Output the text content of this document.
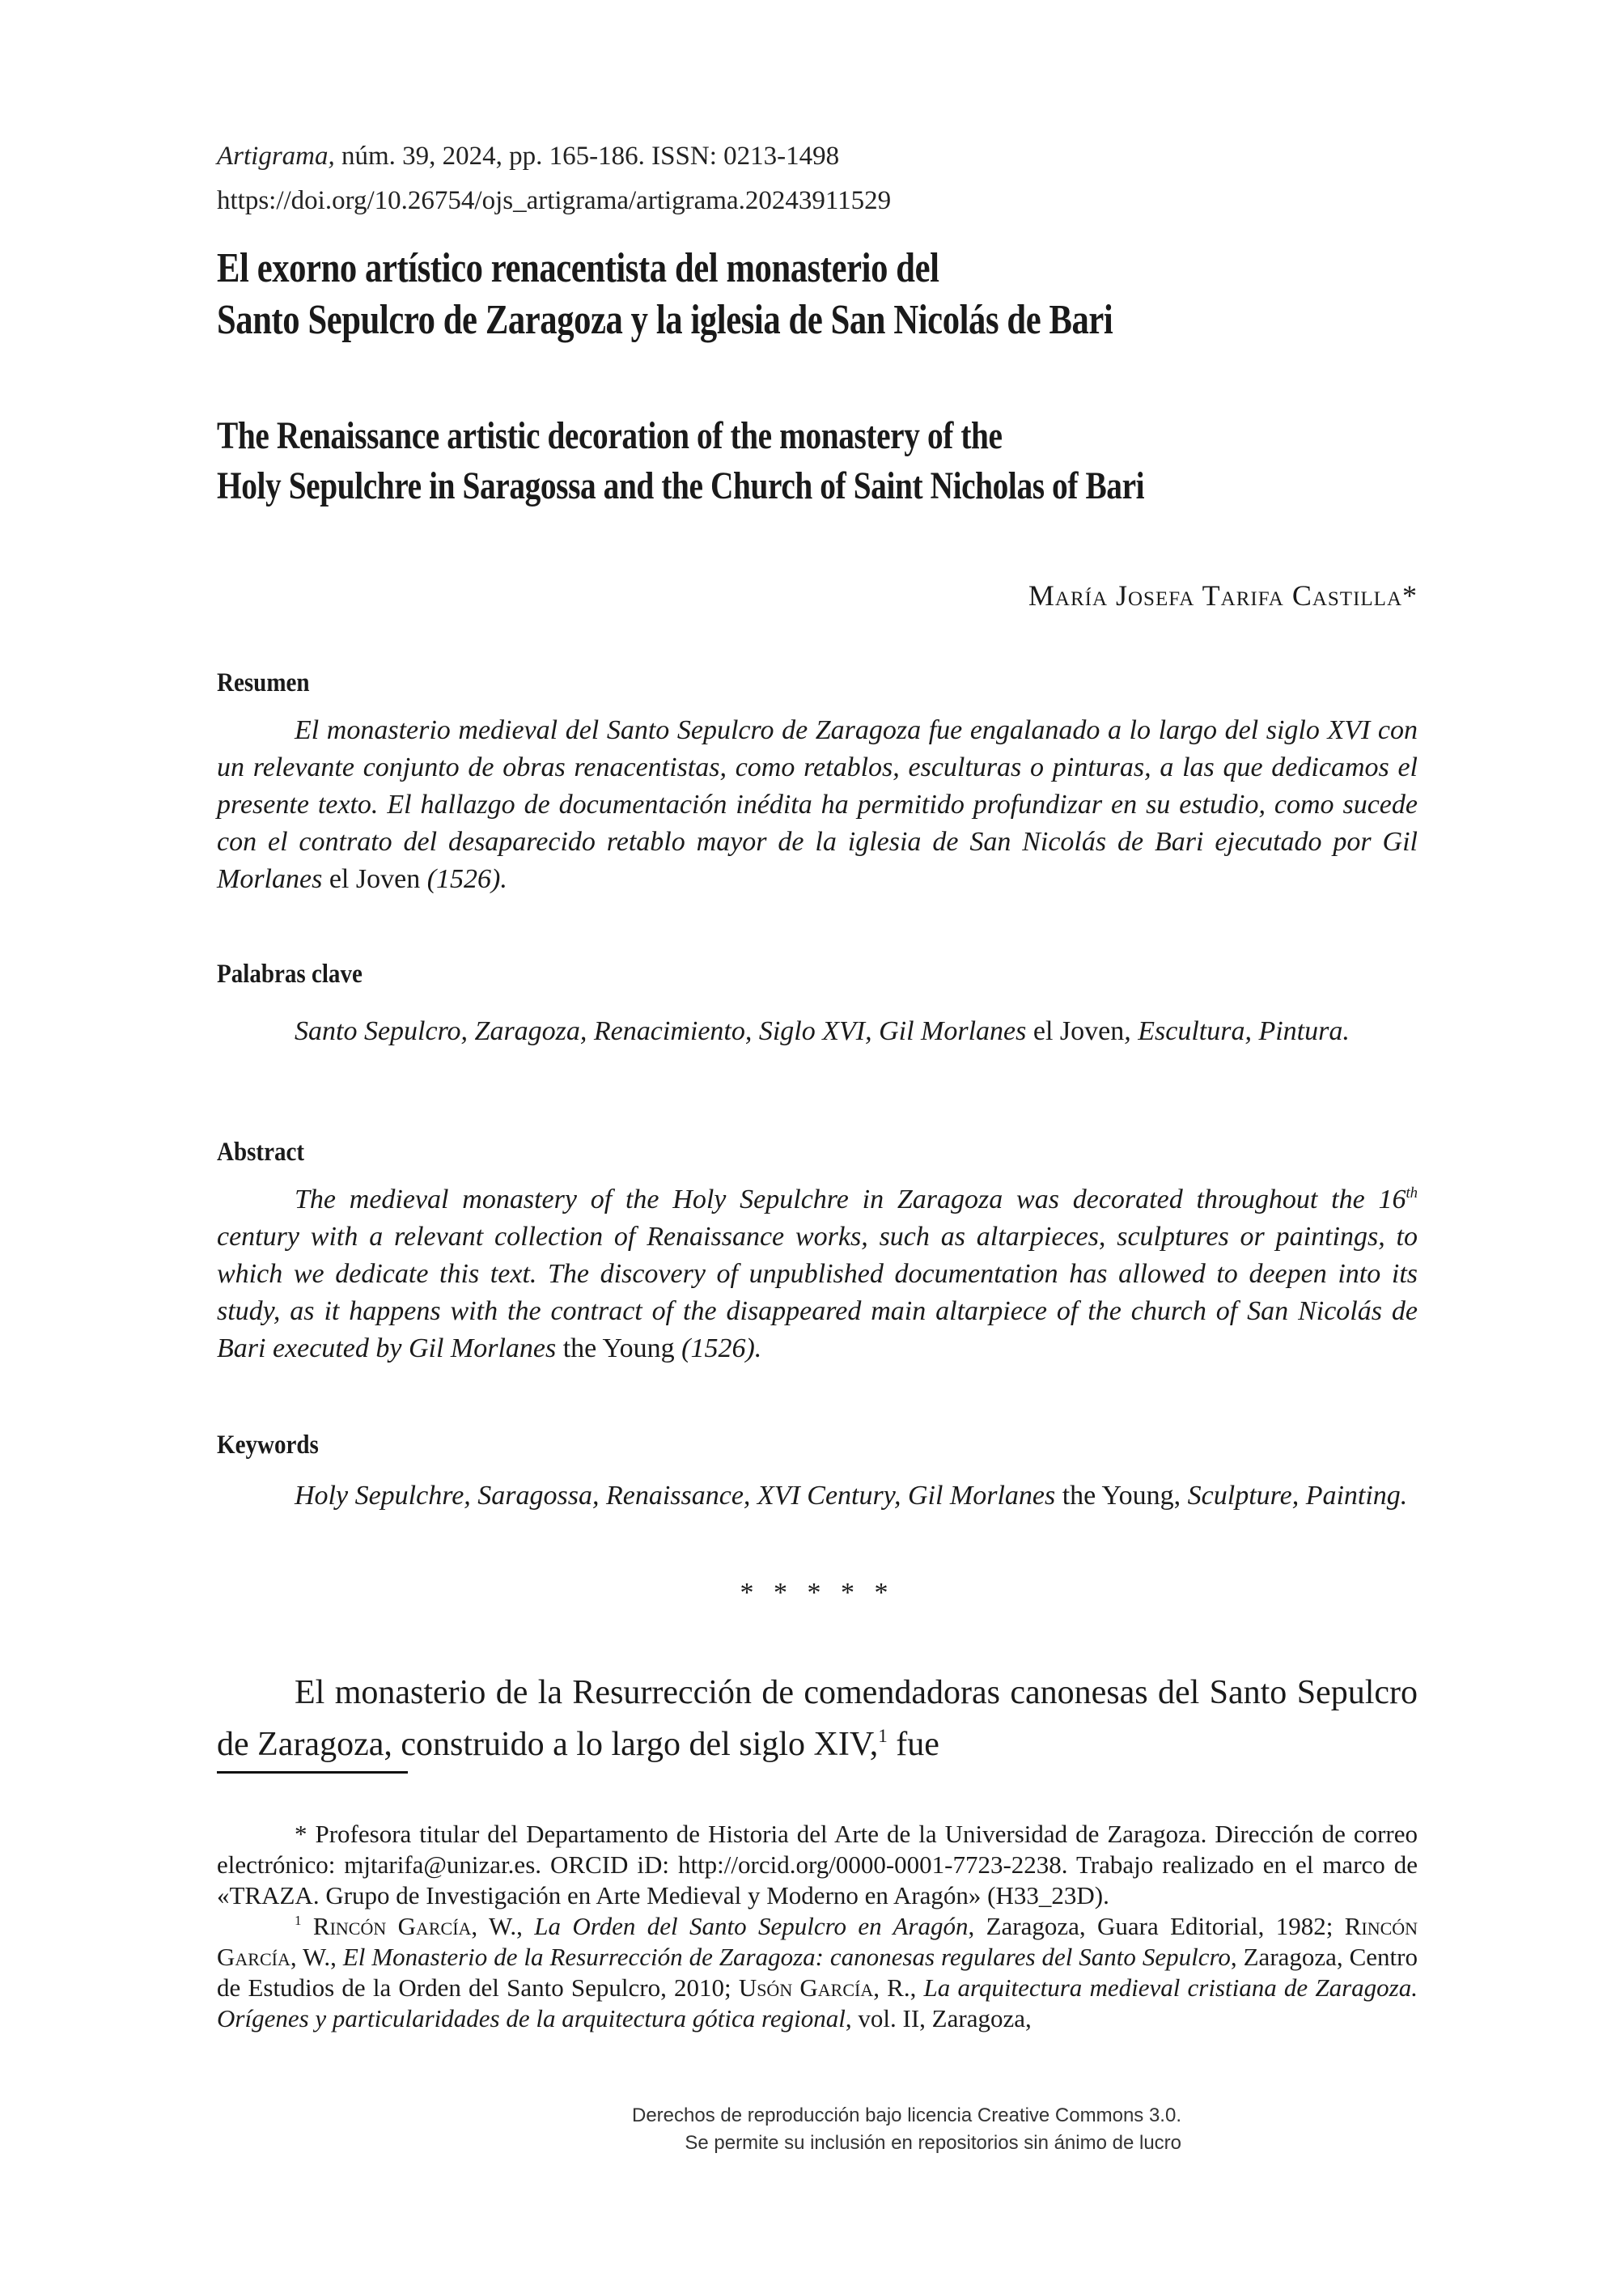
Artigrama, núm. 39, 2024, pp. 165-186. ISSN: 0213-1498
https://doi.org/10.26754/ojs_artigrama/artigrama.20243911529
El exorno artístico renacentista del monasterio del
Santo Sepulcro de Zaragoza y la iglesia de San Nicolás de Bari
The Renaissance artistic decoration of the monastery of the
Holy Sepulchre in Saragossa and the Church of Saint Nicholas of Bari
María Josefa Tarifa Castilla*
Resumen
El monasterio medieval del Santo Sepulcro de Zaragoza fue engalanado a lo largo del siglo XVI con un relevante conjunto de obras renacentistas, como retablos, esculturas o pinturas, a las que dedicamos el presente texto. El hallazgo de documentación inédita ha permitido profundizar en su estudio, como sucede con el contrato del desaparecido retablo mayor de la iglesia de San Nicolás de Bari ejecutado por Gil Morlanes el Joven (1526).
Palabras clave
Santo Sepulcro, Zaragoza, Renacimiento, Siglo XVI, Gil Morlanes el Joven, Escultura, Pintura.
Abstract
The medieval monastery of the Holy Sepulchre in Zaragoza was decorated throughout the 16th century with a relevant collection of Renaissance works, such as altarpieces, sculptures or paintings, to which we dedicate this text. The discovery of unpublished documentation has allowed to deepen into its study, as it happens with the contract of the disappeared main altarpiece of the church of San Nicolás de Bari executed by Gil Morlanes the Young (1526).
Keywords
Holy Sepulchre, Saragossa, Renaissance, XVI Century, Gil Morlanes the Young, Sculpture, Painting.
* * * * *
El monasterio de la Resurrección de comendadoras canonesas del Santo Sepulcro de Zaragoza, construido a lo largo del siglo XIV,$^1$ fue

* Profesora titular del Departamento de Historia del Arte de la Universidad de Zaragoza. Dirección de correo electrónico: mjtarifa@unizar.es. ORCID iD: http://orcid.org/0000-0001-7723-2238. Trabajo realizado en el marco de «TRAZA. Grupo de Investigación en Arte Medieval y Moderno en Aragón» (H33_23D).

$^1$ Rincón García, W., La Orden del Santo Sepulcro en Aragón, Zaragoza, Guara Editorial, 1982; Rincón García, W., El Monasterio de la Resurrección de Zaragoza: canonesas regulares del Santo Sepulcro, Zaragoza, Centro de Estudios de la Orden del Santo Sepulcro, 2010; Usón García, R., La arquitectura medieval cristiana de Zaragoza. Orígenes y particularidades de la arquitectura gótica regional, vol. II, Zaragoza,

Derechos de reproducción bajo licencia Creative Commons 3.0.
Se permite su inclusión en repositorios sin ánimo de lucro
